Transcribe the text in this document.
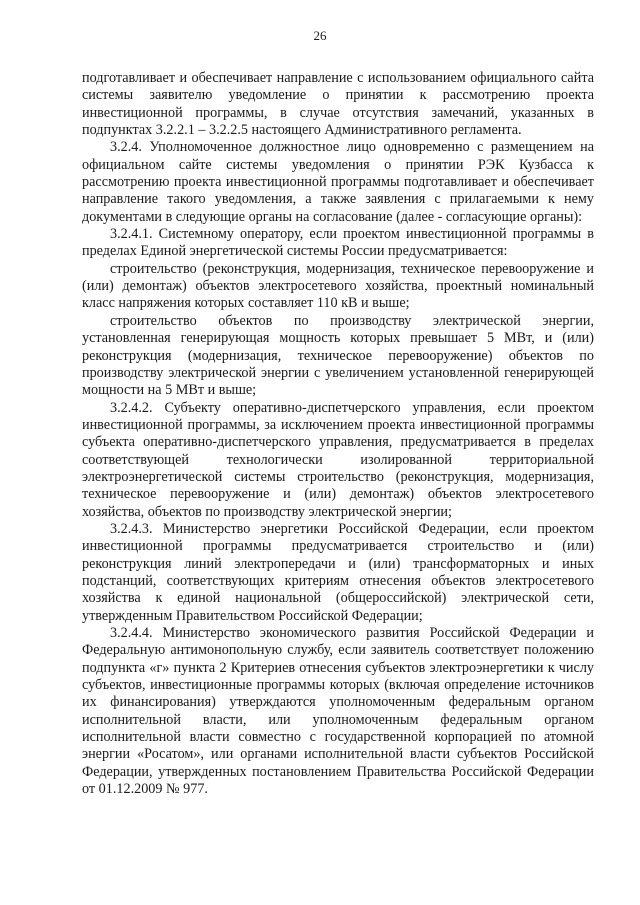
26

подготавливает и обеспечивает направление с использованием официального сайта системы заявителю уведомление о принятии к рассмотрению проекта инвестиционной программы, в случае отсутствия замечаний, указанных в подпунктах 3.2.2.1 – 3.2.2.5 настоящего Административного регламента.

3.2.4. Уполномоченное должностное лицо одновременно с размещением на официальном сайте системы уведомления о принятии РЭК Кузбасса к рассмотрению проекта инвестиционной программы подготавливает и обеспечивает направление такого уведомления, а также заявления с прилагаемыми к нему документами в следующие органы на согласование (далее - согласующие органы):

3.2.4.1. Системному оператору, если проектом инвестиционной программы в пределах Единой энергетической системы России предусматривается:

строительство (реконструкция, модернизация, техническое перевооружение и (или) демонтаж) объектов электросетевого хозяйства, проектный номинальный класс напряжения которых составляет 110 кВ и выше;

строительство объектов по производству электрической энергии, установленная генерирующая мощность которых превышает 5 МВт, и (или) реконструкция (модернизация, техническое перевооружение) объектов по производству электрической энергии с увеличением установленной генерирующей мощности на 5 МВт и выше;

3.2.4.2. Субъекту оперативно-диспетчерского управления, если проектом инвестиционной программы, за исключением проекта инвестиционной программы субъекта оперативно-диспетчерского управления, предусматривается в пределах соответствующей технологически изолированной территориальной электроэнергетической системы строительство (реконструкция, модернизация, техническое перевооружение и (или) демонтаж) объектов электросетевого хозяйства, объектов по производству электрической энергии;

3.2.4.3. Министерство энергетики Российской Федерации, если проектом инвестиционной программы предусматривается строительство и (или) реконструкция линий электропередачи и (или) трансформаторных и иных подстанций, соответствующих критериям отнесения объектов электросетевого хозяйства к единой национальной (общероссийской) электрической сети, утвержденным Правительством Российской Федерации;

3.2.4.4. Министерство экономического развития Российской Федерации и Федеральную антимонопольную службу, если заявитель соответствует положению подпункта «г» пункта 2 Критериев отнесения субъектов электроэнергетики к числу субъектов, инвестиционные программы которых (включая определение источников их финансирования) утверждаются уполномоченным федеральным органом исполнительной власти, или уполномоченным федеральным органом исполнительной власти совместно с государственной корпорацией по атомной энергии «Росатом», или органами исполнительной власти субъектов Российской Федерации, утвержденных постановлением Правительства Российской Федерации от 01.12.2009 № 977.
